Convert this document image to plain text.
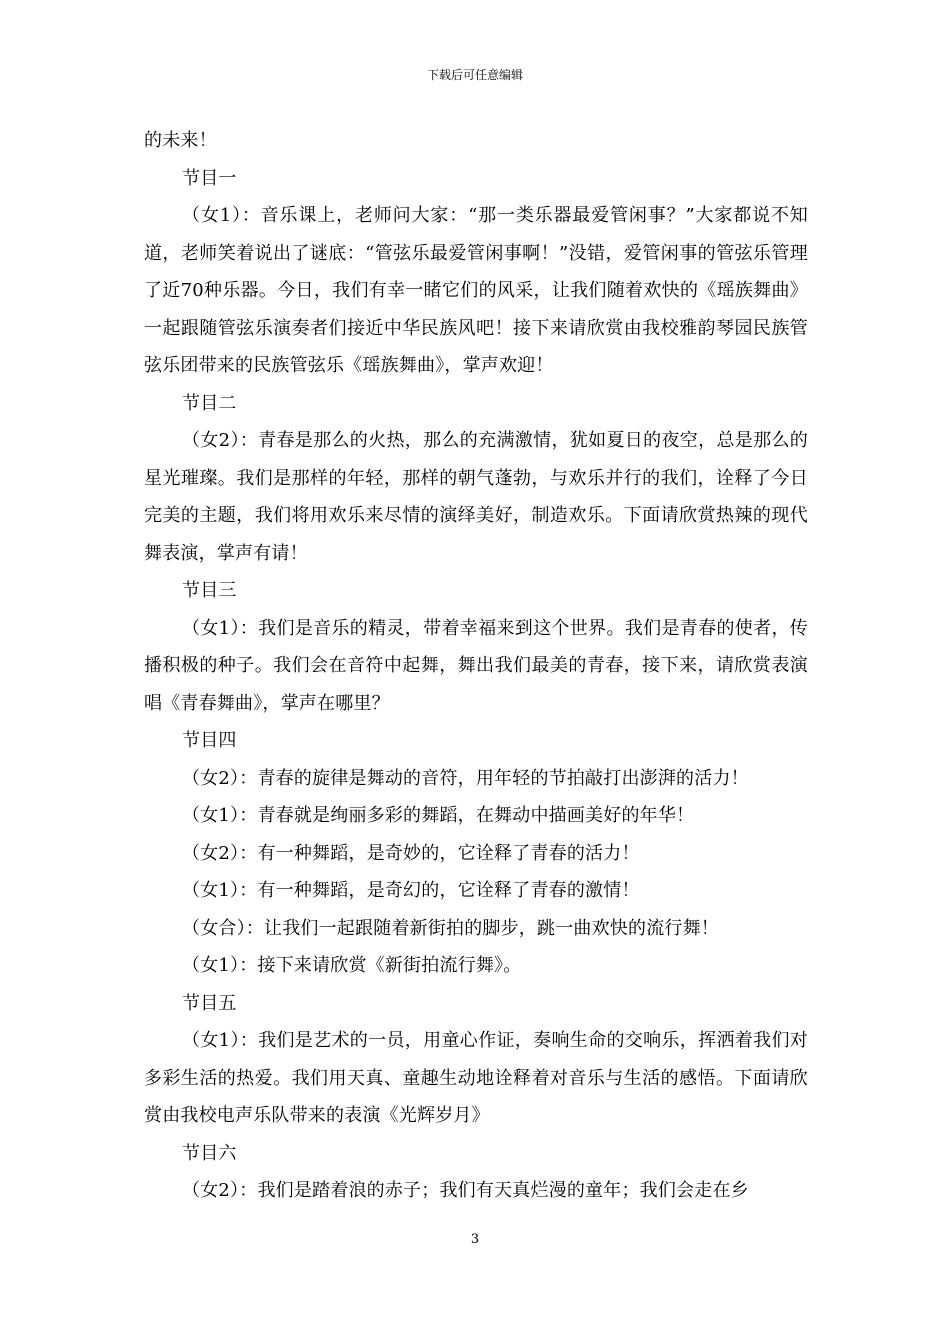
下载后可任意编辑

的未来！

节目一

（女1）：音乐课上，老师问大家：“那一类乐器最爱管闲事？”大家都说不知道，老师笑着说出了谜底：“管弦乐最爱管闲事啊！”没错，爱管闲事的管弦乐管理了近70种乐器。今日，我们有幸一睹它们的风采，让我们随着欢快的《瑶族舞曲》一起跟随管弦乐演奏者们接近中华民族风吧！接下来请欣赏由我校雅韵琴园民族管弦乐团带来的民族管弦乐《瑶族舞曲》，掌声欢迎！

节目二

（女2）：青春是那么的火热，那么的充满激情，犹如夏日的夜空，总是那么的星光璀璨。我们是那样的年轻，那样的朝气蓬勃，与欢乐并行的我们，诠释了今日完美的主题，我们将用欢乐来尽情的演绎美好，制造欢乐。下面请欣赏热辣的现代舞表演，掌声有请！

节目三

（女1）：我们是音乐的精灵，带着幸福来到这个世界。我们是青春的使者，传播积极的种子。我们会在音符中起舞，舞出我们最美的青春，接下来，请欣赏表演唱《青春舞曲》，掌声在哪里？

节目四

（女2）：青春的旋律是舞动的音符，用年轻的节拍敲打出澎湃的活力！

（女1）：青春就是绚丽多彩的舞蹈，在舞动中描画美好的年华！

（女2）：有一种舞蹈，是奇妙的，它诠释了青春的活力！

（女1）：有一种舞蹈，是奇幻的，它诠释了青春的激情！

（女合）：让我们一起跟随着新街拍的脚步，跳一曲欢快的流行舞！

（女1）：接下来请欣赏《新街拍流行舞》。

节目五

（女1）：我们是艺术的一员，用童心作证，奏响生命的交响乐，挥洒着我们对多彩生活的热爱。我们用天真、童趣生动地诠释着对音乐与生活的感悟。下面请欣赏由我校电声乐队带来的表演《光辉岁月》

节目六

（女2）：我们是踏着浪的赤子；我们有天真烂漫的童年；我们会走在乡

3
